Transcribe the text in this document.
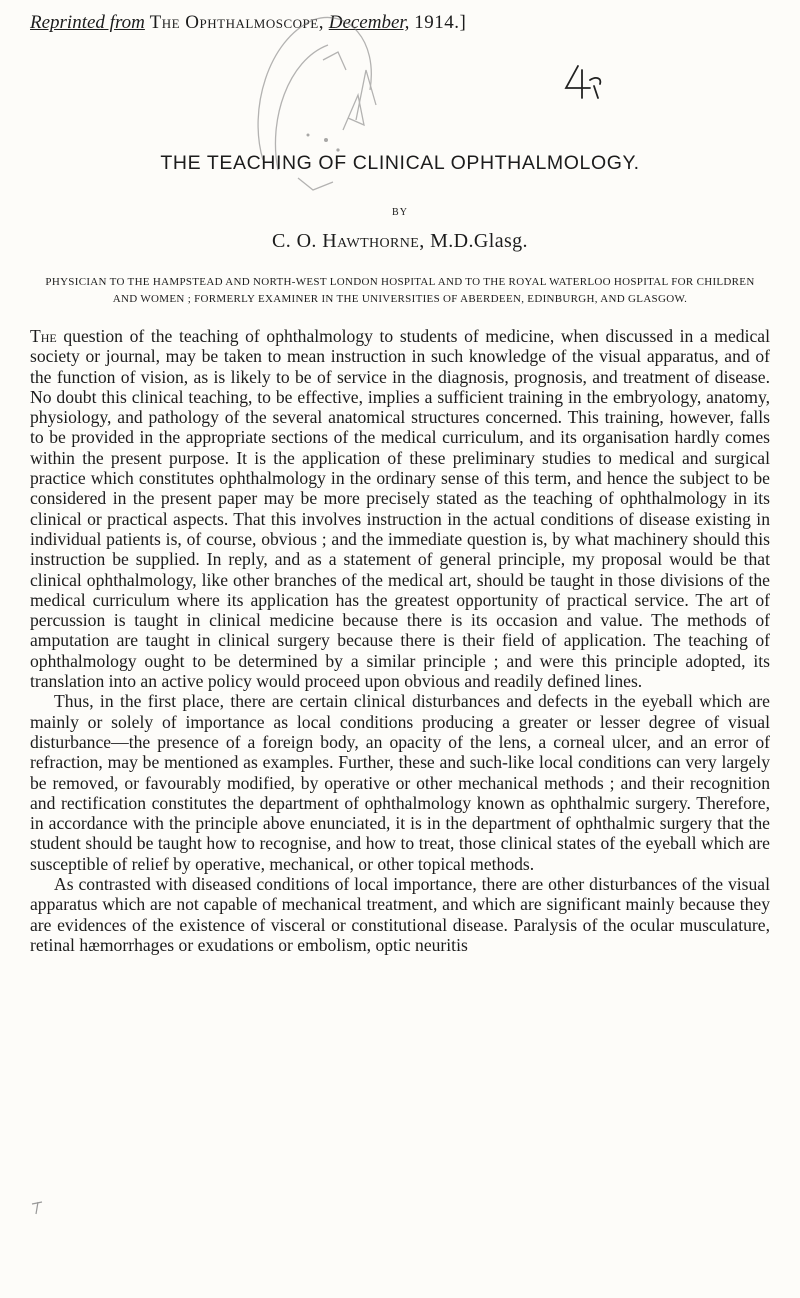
Reprinted from The Ophthalmoscope, December, 1914.]
THE TEACHING OF CLINICAL OPHTHALMOLOGY.
BY
C. O. Hawthorne, M.D.Glasg.
PHYSICIAN TO THE HAMPSTEAD AND NORTH-WEST LONDON HOSPITAL AND TO THE ROYAL WATERLOO HOSPITAL FOR CHILDREN AND WOMEN ; FORMERLY EXAMINER IN THE UNIVERSITIES OF ABERDEEN, EDINBURGH, AND GLASGOW.

The question of the teaching of ophthalmology to students of medicine, when discussed in a medical society or journal, may be taken to mean instruction in such knowledge of the visual apparatus, and of the function of vision, as is likely to be of service in the diagnosis, prognosis, and treatment of disease. No doubt this clinical teaching, to be effective, implies a sufficient training in the embryology, anatomy, physiology, and pathology of the several anatomical structures concerned. This training, however, falls to be provided in the appropriate sections of the medical curriculum, and its organisation hardly comes within the present purpose. It is the application of these preliminary studies to medical and surgical practice which constitutes ophthalmology in the ordinary sense of this term, and hence the subject to be considered in the present paper may be more precisely stated as the teaching of ophthalmology in its clinical or practical aspects. That this involves instruction in the actual conditions of disease existing in individual patients is, of course, obvious ; and the immediate question is, by what machinery should this instruction be supplied. In reply, and as a statement of general principle, my proposal would be that clinical ophthalmology, like other branches of the medical art, should be taught in those divisions of the medical curriculum where its application has the greatest opportunity of practical service. The art of percussion is taught in clinical medicine because there is its occasion and value. The methods of amputation are taught in clinical surgery because there is their field of application. The teaching of ophthalmology ought to be determined by a similar principle ; and were this principle adopted, its translation into an active policy would proceed upon obvious and readily defined lines.

Thus, in the first place, there are certain clinical disturbances and defects in the eyeball which are mainly or solely of importance as local conditions producing a greater or lesser degree of visual disturbance—the presence of a foreign body, an opacity of the lens, a corneal ulcer, and an error of refraction, may be mentioned as examples. Further, these and such-like local conditions can very largely be removed, or favourably modified, by operative or other mechanical methods ; and their recognition and rectification constitutes the department of ophthalmology known as ophthalmic surgery. Therefore, in accordance with the principle above enunciated, it is in the department of ophthalmic surgery that the student should be taught how to recognise, and how to treat, those clinical states of the eyeball which are susceptible of relief by operative, mechanical, or other topical methods.

As contrasted with diseased conditions of local importance, there are other disturbances of the visual apparatus which are not capable of mechanical treatment, and which are significant mainly because they are evidences of the existence of visceral or constitutional disease. Paralysis of the ocular musculature, retinal hæmorrhages or exudations or embolism, optic neuritis
